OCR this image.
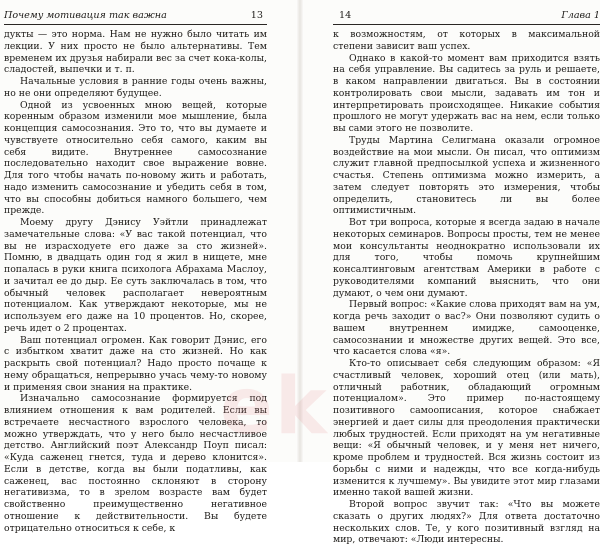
Почему мотивация так важна	13

дукты — это норма. Нам не нужно было читать им лекции. У них просто не было альтернативы. Тем временем их друзья набирали вес за счет кока-колы, сладостей, выпечки и т. п.

Начальные условия в ранние годы очень важны, но не они определяют будущее.

Одной из усвоенных мною вещей, которые коренным образом изменили мое мышление, была концепция самосознания. Это то, что вы думаете и чувствуете относительно себя самого, каким вы себя видите. Внутреннее самосознание последовательно находит свое выражение вовне. Для того чтобы начать по-новому жить и работать, надо изменить самосознание и убедить себя в том, что вы способны добиться намного большего, чем прежде.

Моему другу Дэнису Уэйтли принадлежат замечательные слова: «У вас такой потенциал, что вы не израсходуете его даже за сто жизней». Помню, в двадцать один год я жил в нищете, мне попалась в руки книга психолога Абрахама Маслоу, и зачитал ее до дыр. Ее суть заключалась в том, что обычный человек располагает невероятным потенциалом. Как утверждают некоторые, мы не используем его даже на 10 процентов. Но, скорее, речь идет о 2 процентах.

Ваш потенциал огромен. Как говорит Дэнис, его с избытком хватит даже на сто жизней. Но как раскрыть свой потенциал? Надо просто почаще к нему обращаться, непрерывно учась чему-то новому и применяя свои знания на практике.

Изначально самосознание формируется под влиянием отношения к вам родителей. Если вы встречаете несчастного взрослого человека, то можно утверждать, что у него было несчастливое детство. Английский поэт Александр Поуп писал: «Куда саженец гнется, туда и дерево клонится». Если в детстве, когда вы были податливы, как саженец, вас постоянно склоняют в сторону негативизма, то в зрелом возрасте вам будет свойственно преимущественно негативное отношение к действительности. Вы будете отрицательно относиться к себе, к

14	Глава 1

к возможностям, от которых в максимальной степени зависит ваш успех.

Однако в какой-то момент вам приходится взять на себя управление. Вы садитесь за руль и решаете, в каком направлении двигаться. Вы в состоянии контролировать свои мысли, задавать им тон и интерпретировать происходящее. Никакие события прошлого не могут удержать вас на нем, если только вы сами этого не позволите.

Труды Мартина Селигмана оказали огромное воздействие на мои мысли. Он писал, что оптимизм служит главной предпосылкой успеха и жизненного счастья. Степень оптимизма можно измерить, а затем следует повторять это измерения, чтобы определить, становитесь ли вы более оптимистичным.

Вот три вопроса, которые я всегда задаю в начале некоторых семинаров. Вопросы просты, тем не менее мои консультанты неоднократно использовали их для того, чтобы помочь крупнейшим консалтинговым агентствам Америки в работе с руководителями компаний выяснить, что они думают, о чем они думают.

Первый вопрос: «Какие слова приходят вам на ум, когда речь заходит о вас?» Они позволяют судить о вашем внутреннем имидже, самооценке, самосознании и множестве других вещей. Это все, что касается слова «я».

Кто-то описывает себя следующим образом: «Я счастливый человек, хороший отец (или мать), отличный работник, обладающий огромным потенциалом». Это пример по-настоящему позитивного самоописания, которое снабжает энергией и дает силы для преодоления практически любых трудностей. Если приходят на ум негативные вещи: «Я обычный человек, и у меня нет ничего, кроме проблем и трудностей. Вся жизнь состоит из борьбы с ними и надежды, что все когда-нибудь изменится к лучшему». Вы увидите этот мир глазами именно такой вашей жизни.

Второй вопрос звучит так: «Что вы можете сказать о других людях?» Для ответа достаточно нескольких слов. Те, у кого позитивный взгляд на мир, отвечают: «Люди интересны.

ek
